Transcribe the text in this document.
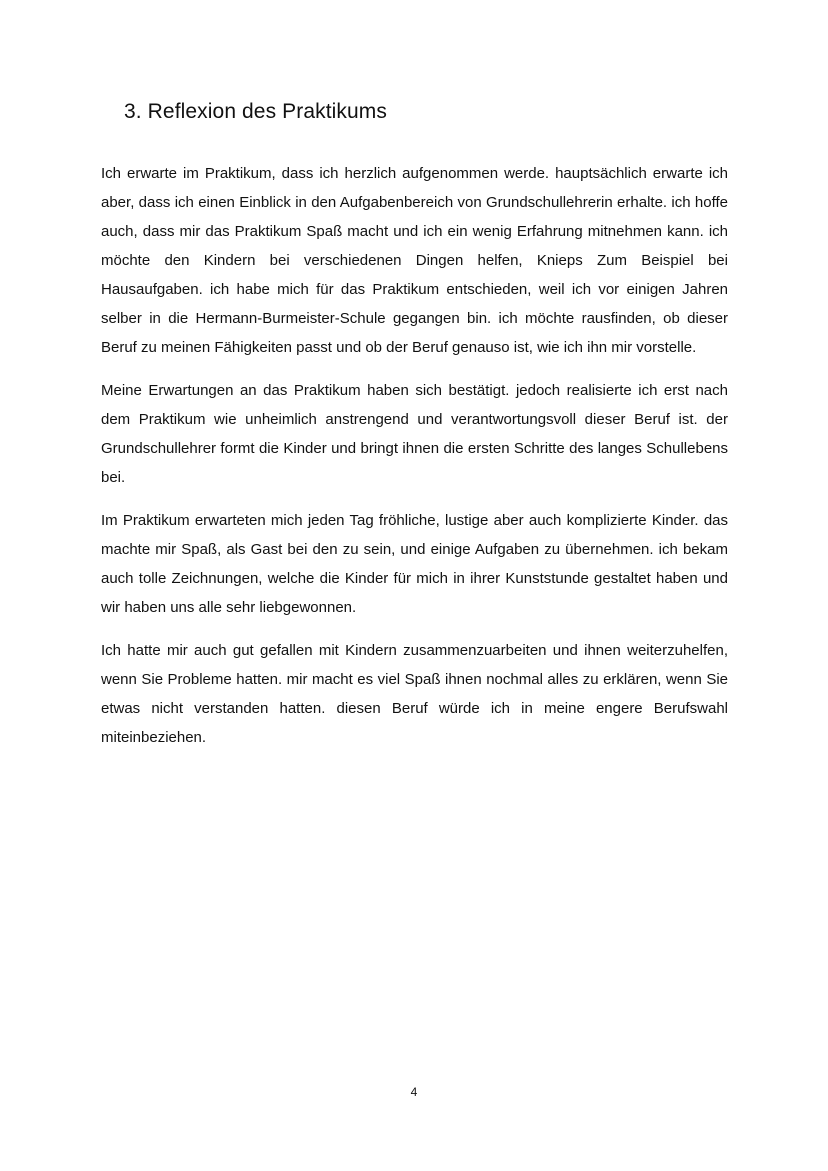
3. Reflexion des Praktikums

Ich erwarte im Praktikum, dass ich herzlich aufgenommen werde. hauptsächlich erwarte ich aber, dass ich einen Einblick in den Aufgabenbereich von Grundschullehrerin erhalte. ich hoffe auch, dass mir das Praktikum Spaß macht und ich ein wenig Erfahrung mitnehmen kann. ich möchte den Kindern bei verschiedenen Dingen helfen, Knieps Zum Beispiel bei Hausaufgaben. ich habe mich für das Praktikum entschieden, weil ich vor einigen Jahren selber in die Hermann-Burmeister-Schule gegangen bin. ich möchte rausfinden, ob dieser Beruf zu meinen Fähigkeiten passt und ob der Beruf genauso ist, wie ich ihn mir vorstelle.

Meine Erwartungen an das Praktikum haben sich bestätigt. jedoch realisierte ich erst nach dem Praktikum wie unheimlich anstrengend und verantwortungsvoll dieser Beruf ist. der Grundschullehrer formt die Kinder und bringt ihnen die ersten Schritte des langes Schullebens bei.

Im Praktikum erwarteten mich jeden Tag fröhliche, lustige aber auch komplizierte Kinder. das machte mir Spaß, als Gast bei den zu sein, und einige Aufgaben zu übernehmen. ich bekam auch tolle Zeichnungen, welche die Kinder für mich in ihrer Kunststunde gestaltet haben und wir haben uns alle sehr liebgewonnen.

Ich hatte mir auch gut gefallen mit Kindern zusammenzuarbeiten und ihnen weiterzuhelfen, wenn Sie Probleme hatten. mir macht es viel Spaß ihnen nochmal alles zu erklären, wenn Sie etwas nicht verstanden hatten. diesen Beruf würde ich in meine engere Berufswahl miteinbeziehen.

4
